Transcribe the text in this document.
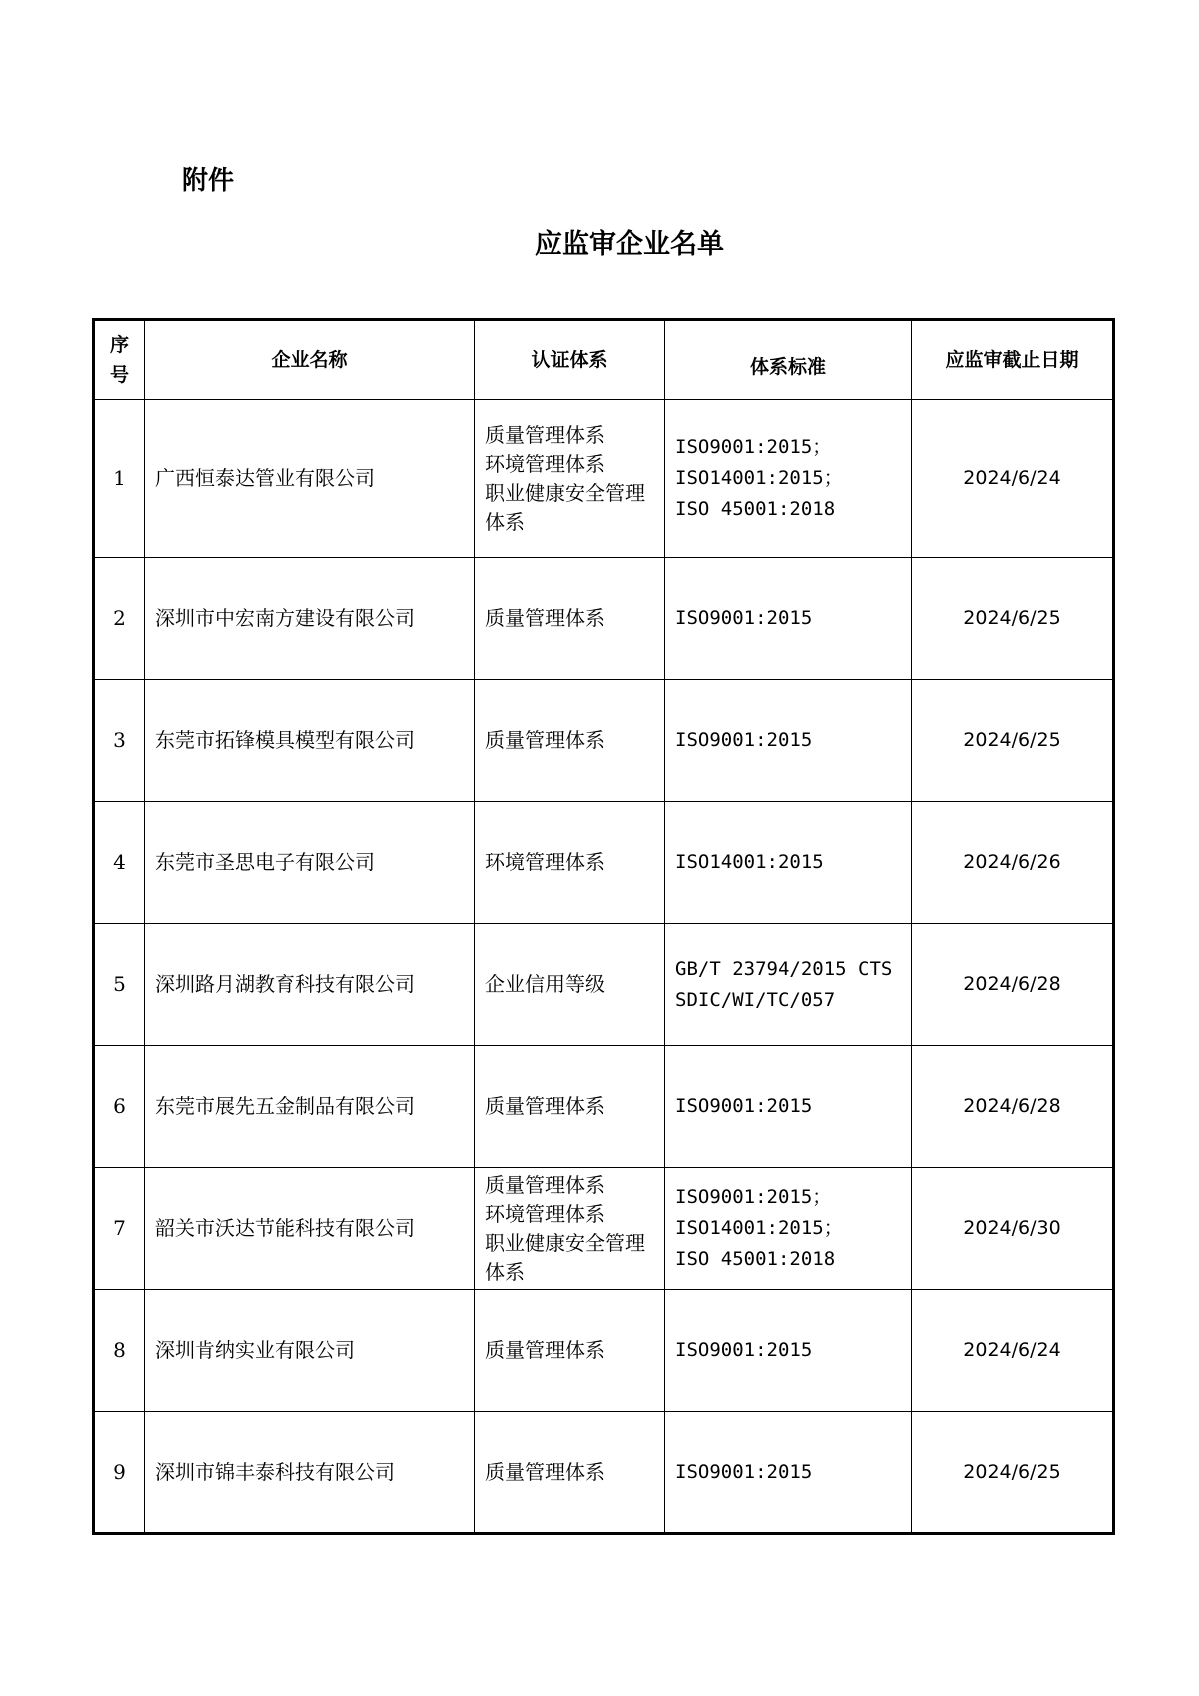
附件
应监审企业名单
序
号	企业名称	认证体系	体系标准	应监审截止日期
1	广西恒泰达管业有限公司	质量管理体系
环境管理体系
职业健康安全管理体系	ISO9001:2015；
ISO14001:2015；
ISO 45001:2018	2024/6/24
2	深圳市中宏南方建设有限公司	质量管理体系	ISO9001:2015	2024/6/25
3	东莞市拓锋模具模型有限公司	质量管理体系	ISO9001:2015	2024/6/25
4	东莞市圣思电子有限公司	环境管理体系	ISO14001:2015	2024/6/26
5	深圳路月湖教育科技有限公司	企业信用等级	GB/T 23794/2015 CTS
SDIC/WI/TC/057	2024/6/28
6	东莞市展先五金制品有限公司	质量管理体系	ISO9001:2015	2024/6/28
7	韶关市沃达节能科技有限公司	质量管理体系
环境管理体系
职业健康安全管理体系	ISO9001:2015；
ISO14001:2015；
ISO 45001:2018	2024/6/30
8	深圳肯纳实业有限公司	质量管理体系	ISO9001:2015	2024/6/24
9	深圳市锦丰泰科技有限公司	质量管理体系	ISO9001:2015	2024/6/25
